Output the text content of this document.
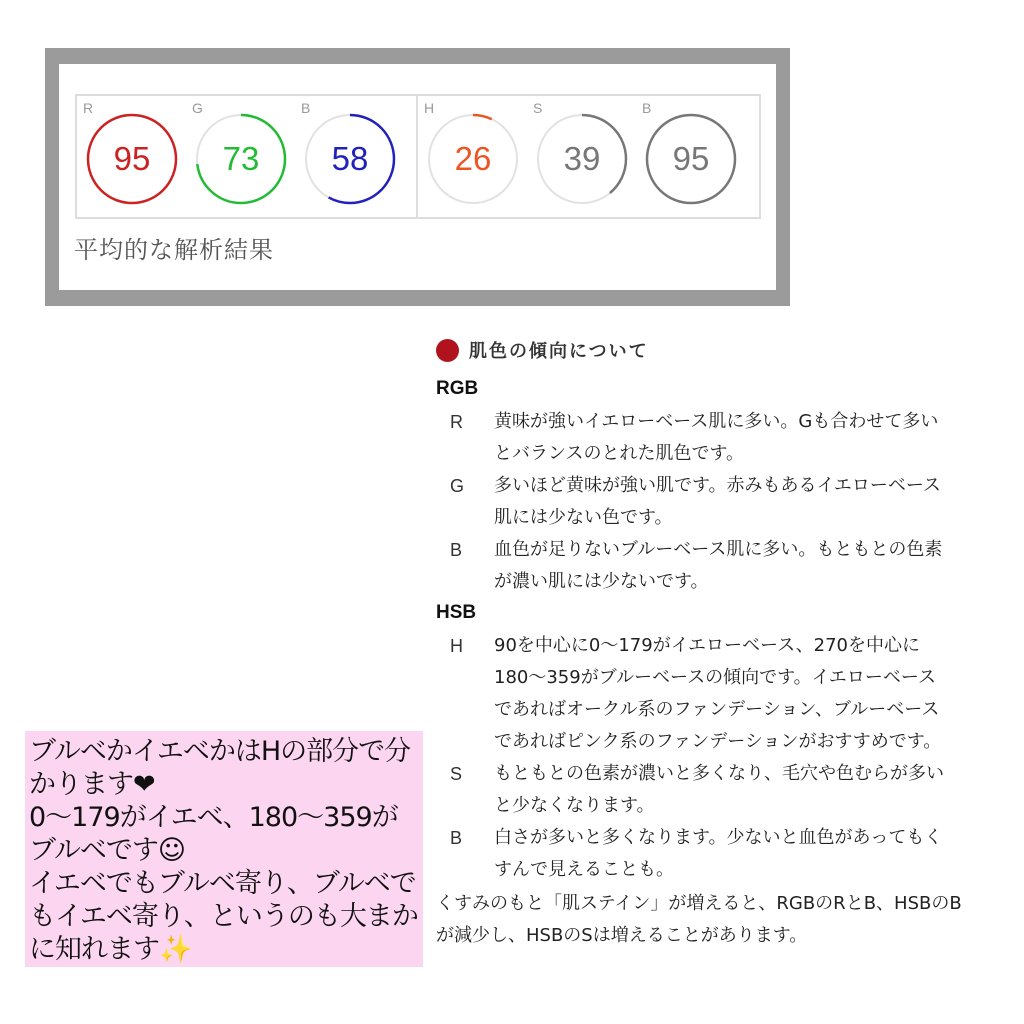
R
95
G
73
B
58
H
26
S
39
B
95
平均的な解析結果
肌色の傾向について
RGB
R	黄味が強いイエローベース肌に多い。Gも合わせて多いとバランスのとれた肌色です。
G	多いほど黄味が強い肌です。赤みもあるイエローベース肌には少ない色です。
B	血色が足りないブルーベース肌に多い。もともとの色素が濃い肌には少ないです。
HSB
H	90を中心に0〜179がイエローベース、270を中心に180〜359がブルーベースの傾向です。イエローベースであればオークル系のファンデーション、ブルーベースであればピンク系のファンデーションがおすすめです。
S	もともとの色素が濃いと多くなり、毛穴や色むらが多いと少なくなります。
B	白さが多いと多くなります。少ないと血色があってもくすんで見えることも。
くすみのもと「肌ステイン」が増えると、RGBのRとB、HSBのBが減少し、HSBのSは増えることがあります。
ブルベかイエベかはHの部分で分かります❤
0〜179がイエベ、180〜359がブルベです☺
イエベでもブルベ寄り、ブルベでもイエベ寄り、というのも大まかに知れます✨
